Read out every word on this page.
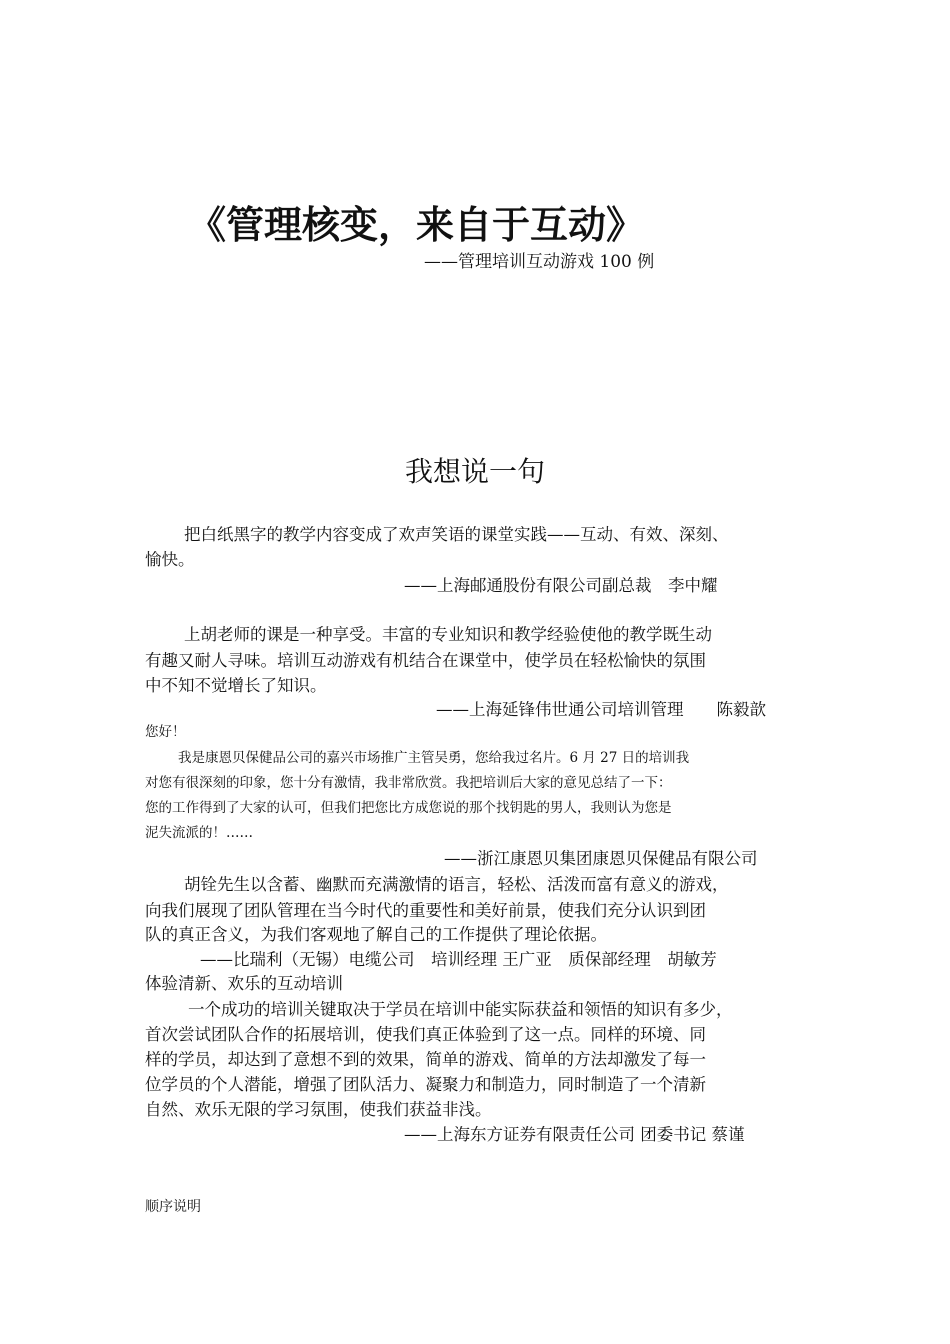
《管理核变，来自于互动》
——管理培训互动游戏 100 例
我想说一句
把白纸黑字的教学内容变成了欢声笑语的课堂实践——互动、有效、深刻、
愉快。
——上海邮通股份有限公司副总裁　李中耀
上胡老师的课是一种享受。丰富的专业知识和教学经验使他的教学既生动
有趣又耐人寻味。培训互动游戏有机结合在课堂中，使学员在轻松愉快的氛围
中不知不觉增长了知识。
——上海延锋伟世通公司培训管理　　陈毅歆
您好！
我是康恩贝保健品公司的嘉兴市场推广主管吴勇，您给我过名片。6 月 27 日的培训我
对您有很深刻的印象，您十分有激情，我非常欣赏。我把培训后大家的意见总结了一下：
您的工作得到了大家的认可，但我们把您比方成您说的那个找钥匙的男人，我则认为您是
泥失流派的！……
——浙江康恩贝集团康恩贝保健品有限公司
胡铨先生以含蓄、幽默而充满激情的语言，轻松、活泼而富有意义的游戏，
向我们展现了团队管理在当今时代的重要性和美好前景，使我们充分认识到团
队的真正含义，为我们客观地了解自己的工作提供了理论依据。
——比瑞利（无锡）电缆公司　培训经理 王广亚　质保部经理　胡敏芳
体验清新、欢乐的互动培训
一个成功的培训关键取决于学员在培训中能实际获益和领悟的知识有多少，
首次尝试团队合作的拓展培训，使我们真正体验到了这一点。同样的环境、同
样的学员，却达到了意想不到的效果，简单的游戏、简单的方法却激发了每一
位学员的个人潜能，增强了团队活力、凝聚力和制造力，同时制造了一个清新
自然、欢乐无限的学习氛围，使我们获益非浅。
——上海东方证券有限责任公司 团委书记 蔡谨
顺序说明
